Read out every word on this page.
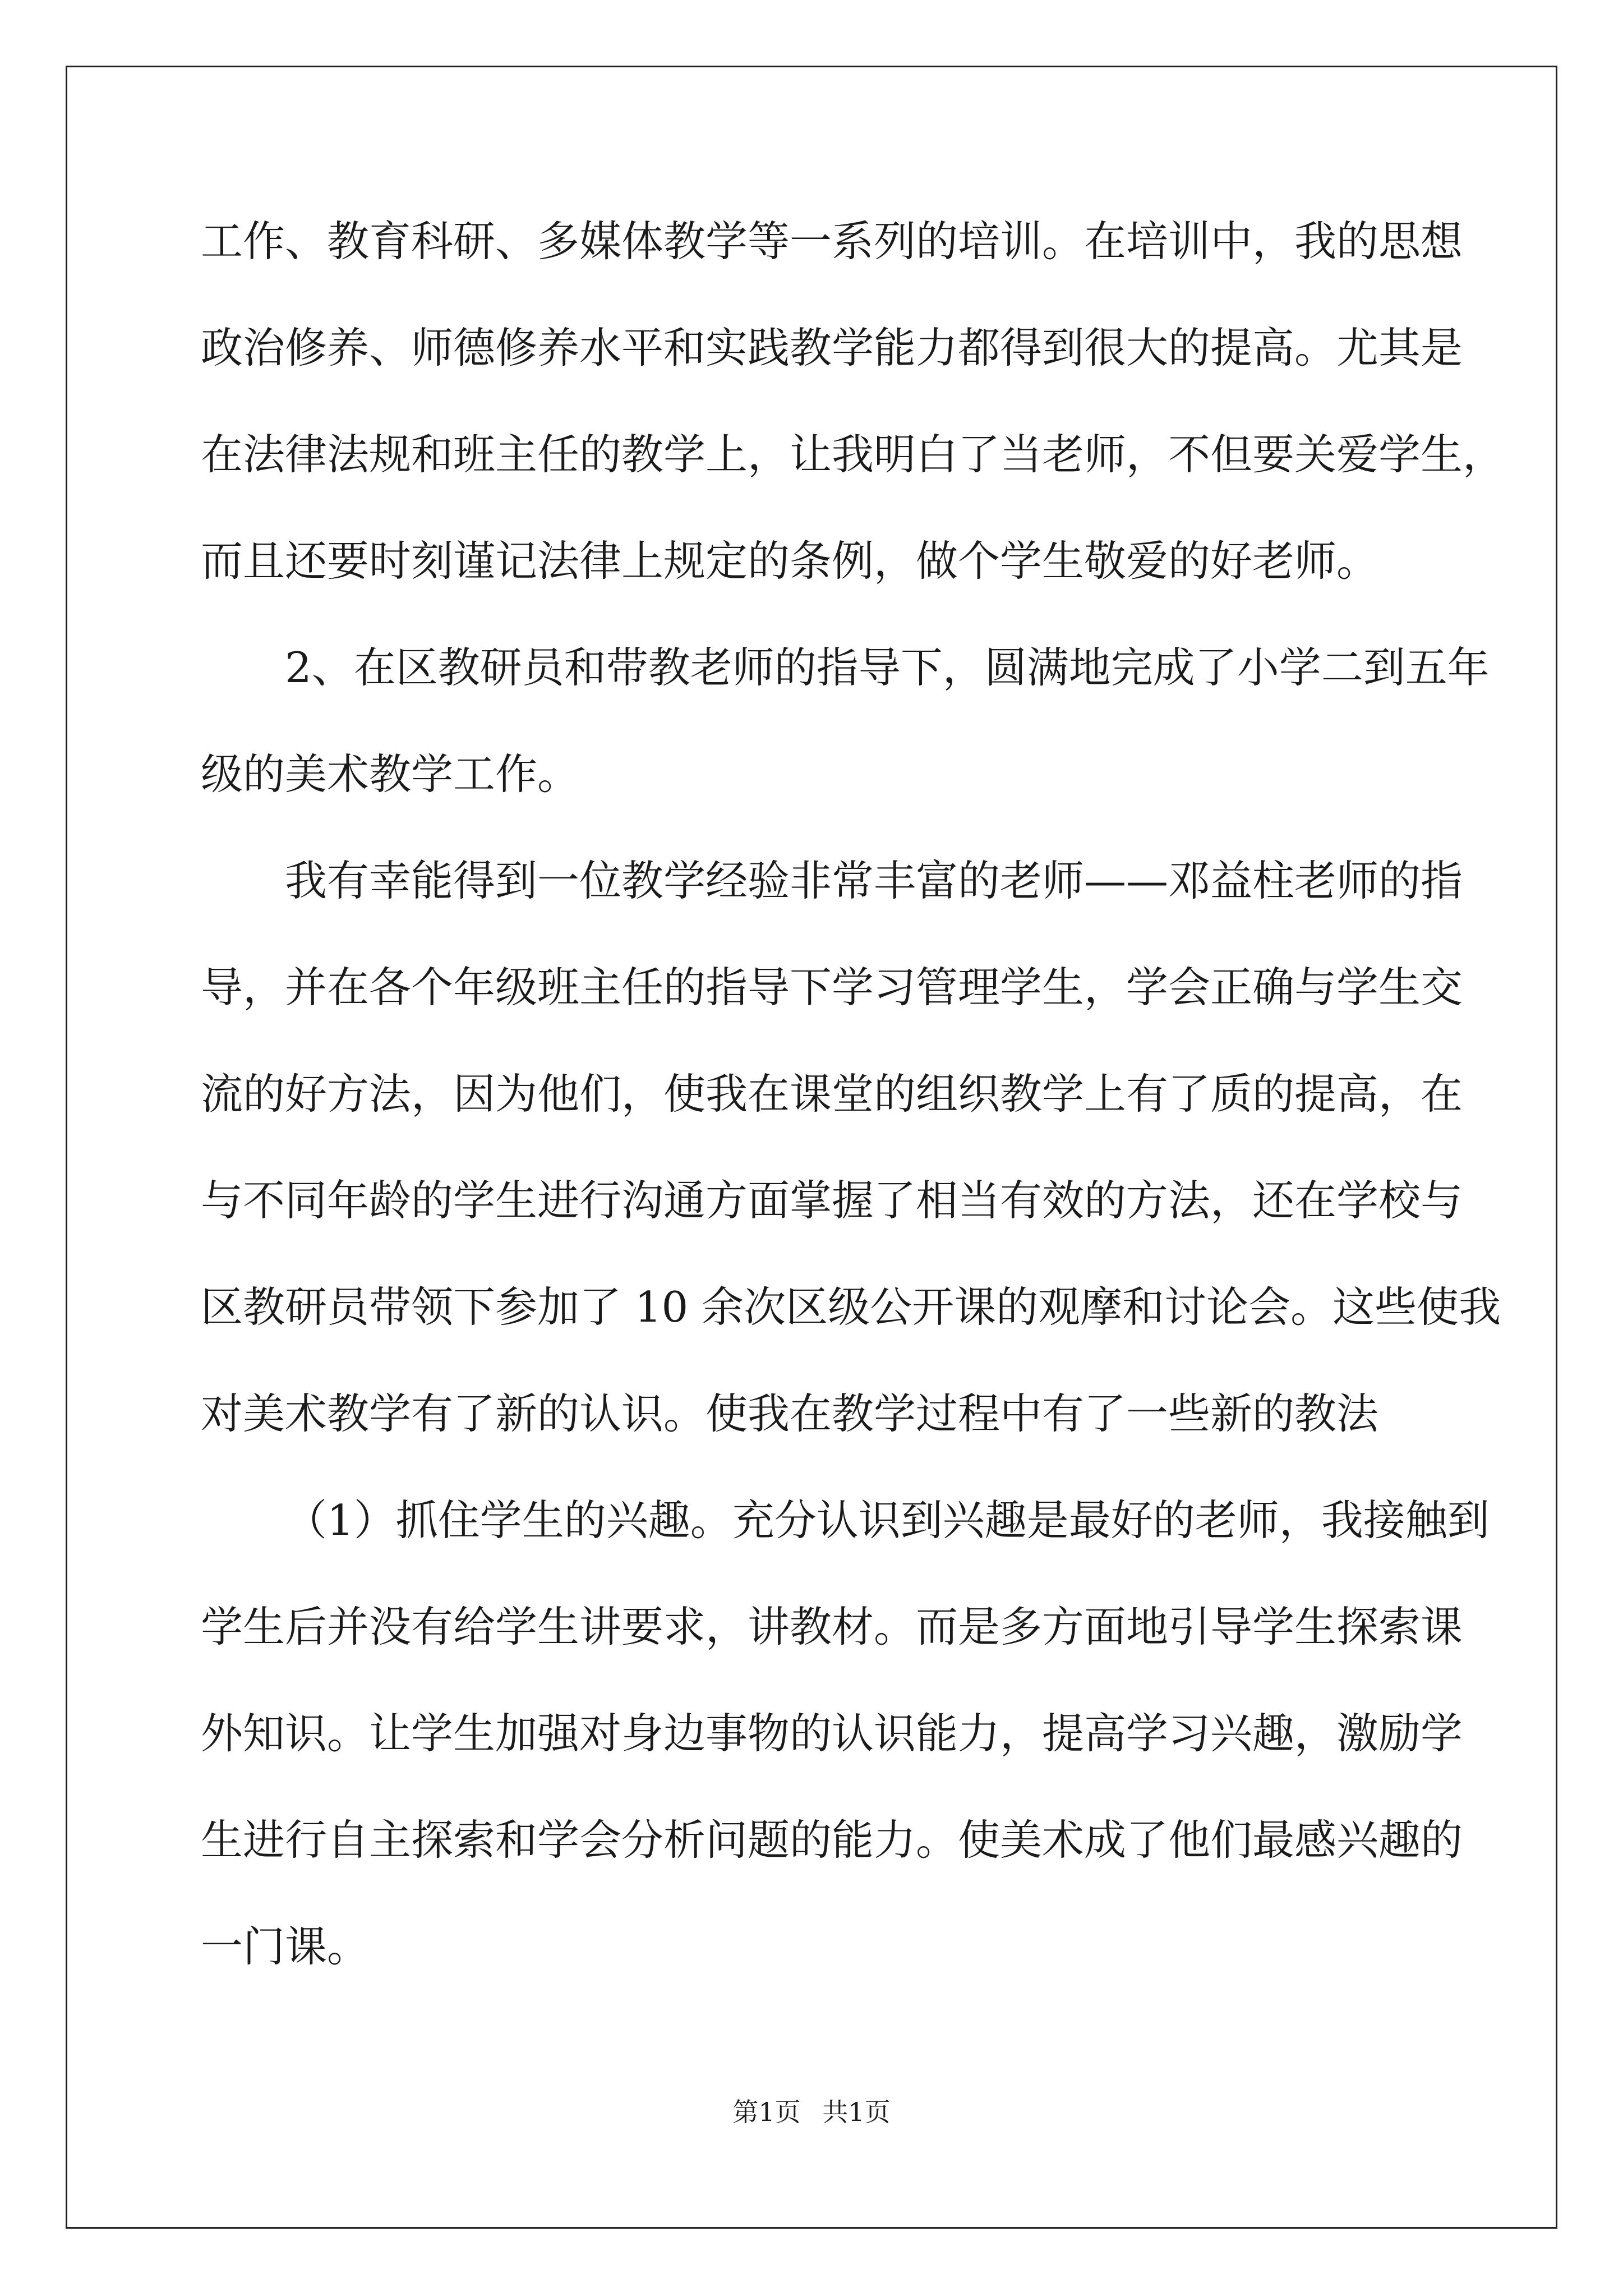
工作、教育科研、多媒体教学等一系列的培训。在培训中，我的思想
政治修养、师德修养水平和实践教学能力都得到很大的提高。尤其是
在法律法规和班主任的教学上，让我明白了当老师，不但要关爱学生，
而且还要时刻谨记法律上规定的条例，做个学生敬爱的好老师。
2、在区教研员和带教老师的指导下，圆满地完成了小学二到五年
级的美术教学工作。
我有幸能得到一位教学经验非常丰富的老师——邓益柱老师的指
导，并在各个年级班主任的指导下学习管理学生，学会正确与学生交
流的好方法，因为他们，使我在课堂的组织教学上有了质的提高，在
与不同年龄的学生进行沟通方面掌握了相当有效的方法，还在学校与
区教研员带领下参加了 10 余次区级公开课的观摩和讨论会。这些使我
对美术教学有了新的认识。使我在教学过程中有了一些新的教法
（1）抓住学生的兴趣。充分认识到兴趣是最好的老师，我接触到
学生后并没有给学生讲要求，讲教材。而是多方面地引导学生探索课
外知识。让学生加强对身边事物的认识能力，提高学习兴趣，激励学
生进行自主探索和学会分析问题的能力。使美术成了他们最感兴趣的
一门课。
第1页 共1页
